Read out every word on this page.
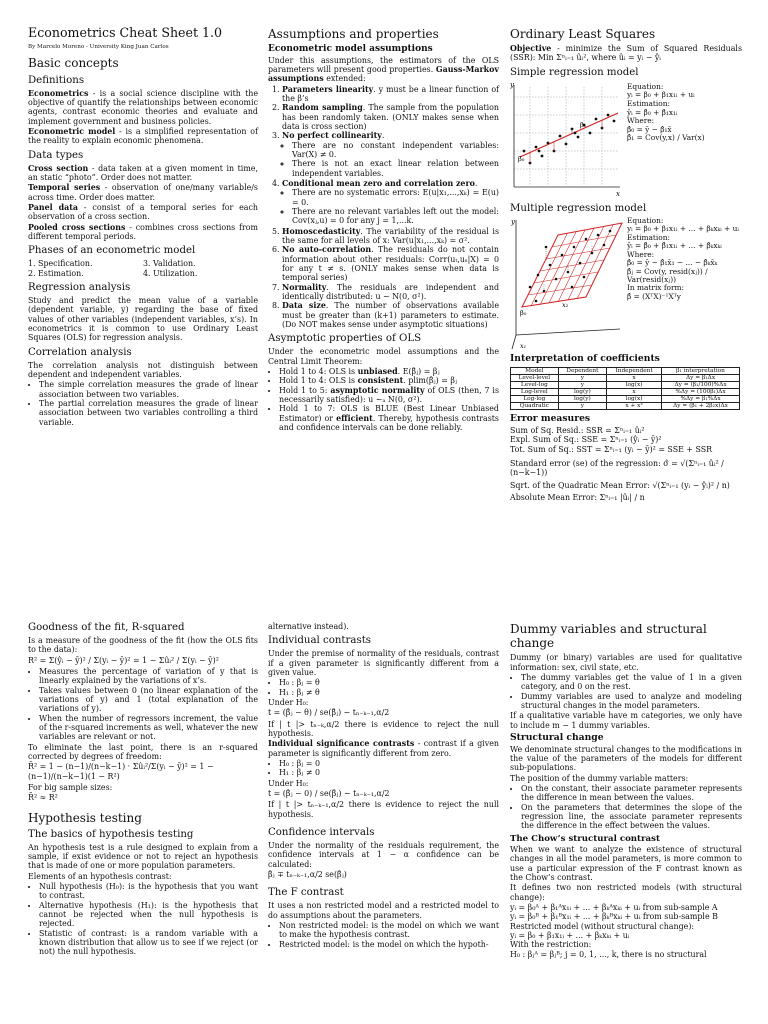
Econometrics Cheat Sheet 1.0
By Marcelo Moreno - University King Juan Carlos
Basic concepts
Definitions

Econometrics - is a social science discipline with the objective of quantify the relationships between economic agents, contrast economic theories and evaluate and implement government and business policies.

Econometric model - is a simplified representation of the reality to explain economic phenomena.

Data types

Cross section - data taken at a given moment in time, an static “photo”. Order does not matter.

Temporal series - observation of one/many variable/s across time. Order does matter.

Panel data - consist of a temporal series for each observation of a cross section.

Pooled cross sections - combines cross sections from different temporal periods.

Phases of an econometric model
1. Specification.	3. Validation.
2. Estimation.	4. Utilization.
Regression analysis

Study and predict the mean value of a variable (dependent variable, y) regarding the base of fixed values of other variables (independent variables, x’s). In econometrics it is common to use Ordinary Least Squares (OLS) for regression analysis.

Correlation analysis

The correlation analysis not distinguish between dependent and independent variables.

• The simple correlation measures the grade of linear association between two variables.
• The partial correlation measures the grade of linear association between two variables controlling a third variable.
Assumptions and properties
Econometric model assumptions

Under this assumptions, the estimators of the OLS parameters will present good properties. Gauss-Markov assumptions extended:

1. Parameters linearity. y must be a linear function of the β’s
2. Random sampling. The sample from the population has been randomly taken. (ONLY makes sense when data is cross section)
3. No perfect collinearity.
◦ There are no constant independent variables: Var(X) ≠ 0.
◦ There is not an exact linear relation between independent variables.
4. Conditional mean zero and correlation zero.
◦ There are no systematic errors: E(u|x₁,...,xₖ) = E(u) = 0.
◦ There are no relevant variables left out the model: Cov(xⱼ,u) = 0 for any j = 1,...k.
5. Homoscedasticity. The variability of the residual is the same for all levels of x: Var(u|x₁,...,xₖ) = σ².
6. No auto-correlation. The residuals do not contain information about other residuals: Corr(uₜ,uₛ|X) = 0 for any t ≠ s. (ONLY makes sense when data is temporal series)
7. Normality. The residuals are independent and identically distributed: u ∼ N(0, σ²).
8. Data size. The number of observations available must be greater than (k+1) parameters to estimate. (Do NOT makes sense under asymptotic situations)
Asymptotic properties of OLS

Under the econometric model assumptions and the Central Limit Theorem:

• Hold 1 to 4: OLS is unbiased. E(β̂ⱼ) = βⱼ
• Hold 1 to 4: OLS is consistent. plim(β̂ⱼ) = βⱼ
• Hold 1 to 5: asymptotic normality of OLS (then, 7 is necessarily satisfied): u ∼ₐ N(0, σ²).
• Hold 1 to 7: OLS is BLUE (Best Linear Unbiased Estimator) or efficient. Thereby, hypothesis contrasts and confidence intervals can be done reliably.
Ordinary Least Squares

Objective - minimize the Sum of Squared Residuals (SSR): Min Σⁿᵢ₌₁ ûᵢ², where ûᵢ = yᵢ − ŷᵢ

Simple regression model
y
x
β₀
β₁
Equation:
yᵢ = β₀ + β₁x₁ᵢ + uᵢ
Estimation:
ŷᵢ = β̂₀ + β̂₁x₁ᵢ
Where:
β̂₀ = ȳ − β̂₁x̄
β̂₁ = Cov(y,x) / Var(x)
Multiple regression model
y
x₁
x₂
β₀
Equation:
yᵢ = β₀ + β₁x₁ᵢ + ... + βₖxₖᵢ + uᵢ
Estimation:
ŷᵢ = β̂₀ + β̂₁x₁ᵢ + ... + β̂ₖxₖᵢ
Where:
β̂₀ = ȳ − β̂₁x̄₁ − ... − β̂ₖx̄ₖ
β̂ⱼ = Cov(y, resid(xⱼ)) / Var(resid(xⱼ))
In matrix form:
β̂ = (XᵀX)⁻¹Xᵀy
Interpretation of coefficients
Model	Dependent	Independent	β₁ interpretation
Level-level	y	x	Δy = β₁Δx
Level-log	y	log(x)	Δy = (β₁/100)%Δx
Log-level	log(y)	x	%Δy = (100β₁)Δx
Log-log	log(y)	log(x)	%Δy = β₁%Δx
Quadratic	y	x + x²	Δy = (β₁ + 2β₂x)Δx
Error measures
Sum of Sq. Resid.: SSR = Σⁿᵢ₌₁ ûᵢ²
Expl. Sum of Sq.: SSE = Σⁿᵢ₌₁ (ŷᵢ − ȳ)²
Tot. Sum of Sq.: SST = Σⁿᵢ₌₁ (yᵢ − ȳ)² = SSE + SSR
Standard error (se) of the regression: σ̂ = √(Σⁿᵢ₌₁ ûᵢ² / (n−k−1))
Sqrt. of the Quadratic Mean Error: √(Σⁿᵢ₌₁ (yᵢ − ŷᵢ)² / n)
Absolute Mean Error: Σⁿᵢ₌₁ |ûᵢ| / n
Goodness of the fit, R-squared

Is a measure of the goodness of the fit (how the OLS fits to the data):

R² = Σ(ŷᵢ − ȳ)² / Σ(yᵢ − ȳ)² = 1 − Σûᵢ² / Σ(yᵢ − ȳ)²
• Measures the percentage of variation of y that is linearly explained by the variations of x’s.
• Takes values between 0 (no linear explanation of the variations of y) and 1 (total explanation of the variations of y).
• When the number of regressors increment, the value of the r-squared increments as well, whatever the new variables are relevant or not.

To eliminate the last point, there is an r-squared corrected by degrees of freedom:

R̄² = 1 − (n−1)/(n−k−1) · Σûᵢ²/Σ(yᵢ − ȳ)² = 1 − (n−1)/(n−k−1)(1 − R²)

For big sample sizes:

R̄² ≈ R²
Hypothesis testing
The basics of hypothesis testing

An hypothesis test is a rule designed to explain from a sample, if exist evidence or not to reject an hypothesis that is made of one or more population parameters.

Elements of an hypothesis contrast:

• Null hypothesis (H₀): is the hypothesis that you want to contrast.
• Alternative hypothesis (H₁): is the hypothesis that cannot be rejected when the null hypothesis is rejected.
• Statistic of contrast: is a random variable with a known distribution that allow us to see if we reject (or not) the null hypothesis.

alternative instead).

Individual contrasts

Under the premise of normality of the residuals, contrast if a given parameter is significantly different from a given value.

• H₀ : βⱼ = θ
• H₁ : βⱼ ≠ θ

Under H₀:

t = (β̂ⱼ − θ) / se(β̂ⱼ) ∼ tₙ₋ₖ₋₁,α/2

If | t |> tₙ₋ₖ,α/2 there is evidence to reject the null hypothesis.

Individual significance contrasts - contrast if a given parameter is significantly different from zero.

• H₀ : βⱼ = 0
• H₁ : βⱼ ≠ 0

Under H₀:

t = (β̂ⱼ − 0) / se(β̂ⱼ) ∼ tₙ₋ₖ₋₁,α/2

If | t |> tₙ₋ₖ₋₁,α/2 there is evidence to reject the null hypothesis.

Confidence intervals

Under the normality of the residuals requirement, the confidence intervals at 1 − α confidence can be calculated:

β̂ⱼ ∓ tₙ₋ₖ₋₁,α/2 se(β̂ⱼ)
The F contrast

It uses a non restricted model and a restricted model to do assumptions about the parameters.

• Non restricted model: is the model on which we want to make the hypothesis contrast.
• Restricted model: is the model on which the hypoth-
Dummy variables and structural change

Dummy (or binary) variables are used for qualitative information: sex, civil state, etc.

• The dummy variables get the value of 1 in a given category, and 0 on the rest.
• Dummy variables are used to analyze and modeling structural changes in the model parameters.

If a qualitative variable have m categories, we only have to include m − 1 dummy variables.

Structural change

We denominate structural changes to the modifications in the value of the parameters of the models for different sub-populations.

The position of the dummy variable matters:

• On the constant, their associate parameter represents the difference in mean between the values.
• On the parameters that determines the slope of the regression line, the associate parameter represents the difference in the effect between the values.
The Chow’s structural contrast

When we want to analyze the existence of structural changes in all the model parameters, is more common to use a particular expression of the F contrast known as the Chow’s contrast.

It defines two non restricted models (with structural change):

yᵢ = β₀ᴬ + β₁ᴬx₁ᵢ + ... + βₖᴬxₖᵢ + uᵢ from sub-sample A
yᵢ = β₀ᴮ + β₁ᴮx₁ᵢ + ... + βₖᴮxₖᵢ + uᵢ from sub-sample B
Restricted model (without structural change):
yᵢ = β₀ + β₁x₁ᵢ + ... + βₖxₖᵢ + uᵢ
With the restriction:
H₀ : βⱼᴬ = βⱼᴮ; j = 0, 1, ..., k, there is no structural
